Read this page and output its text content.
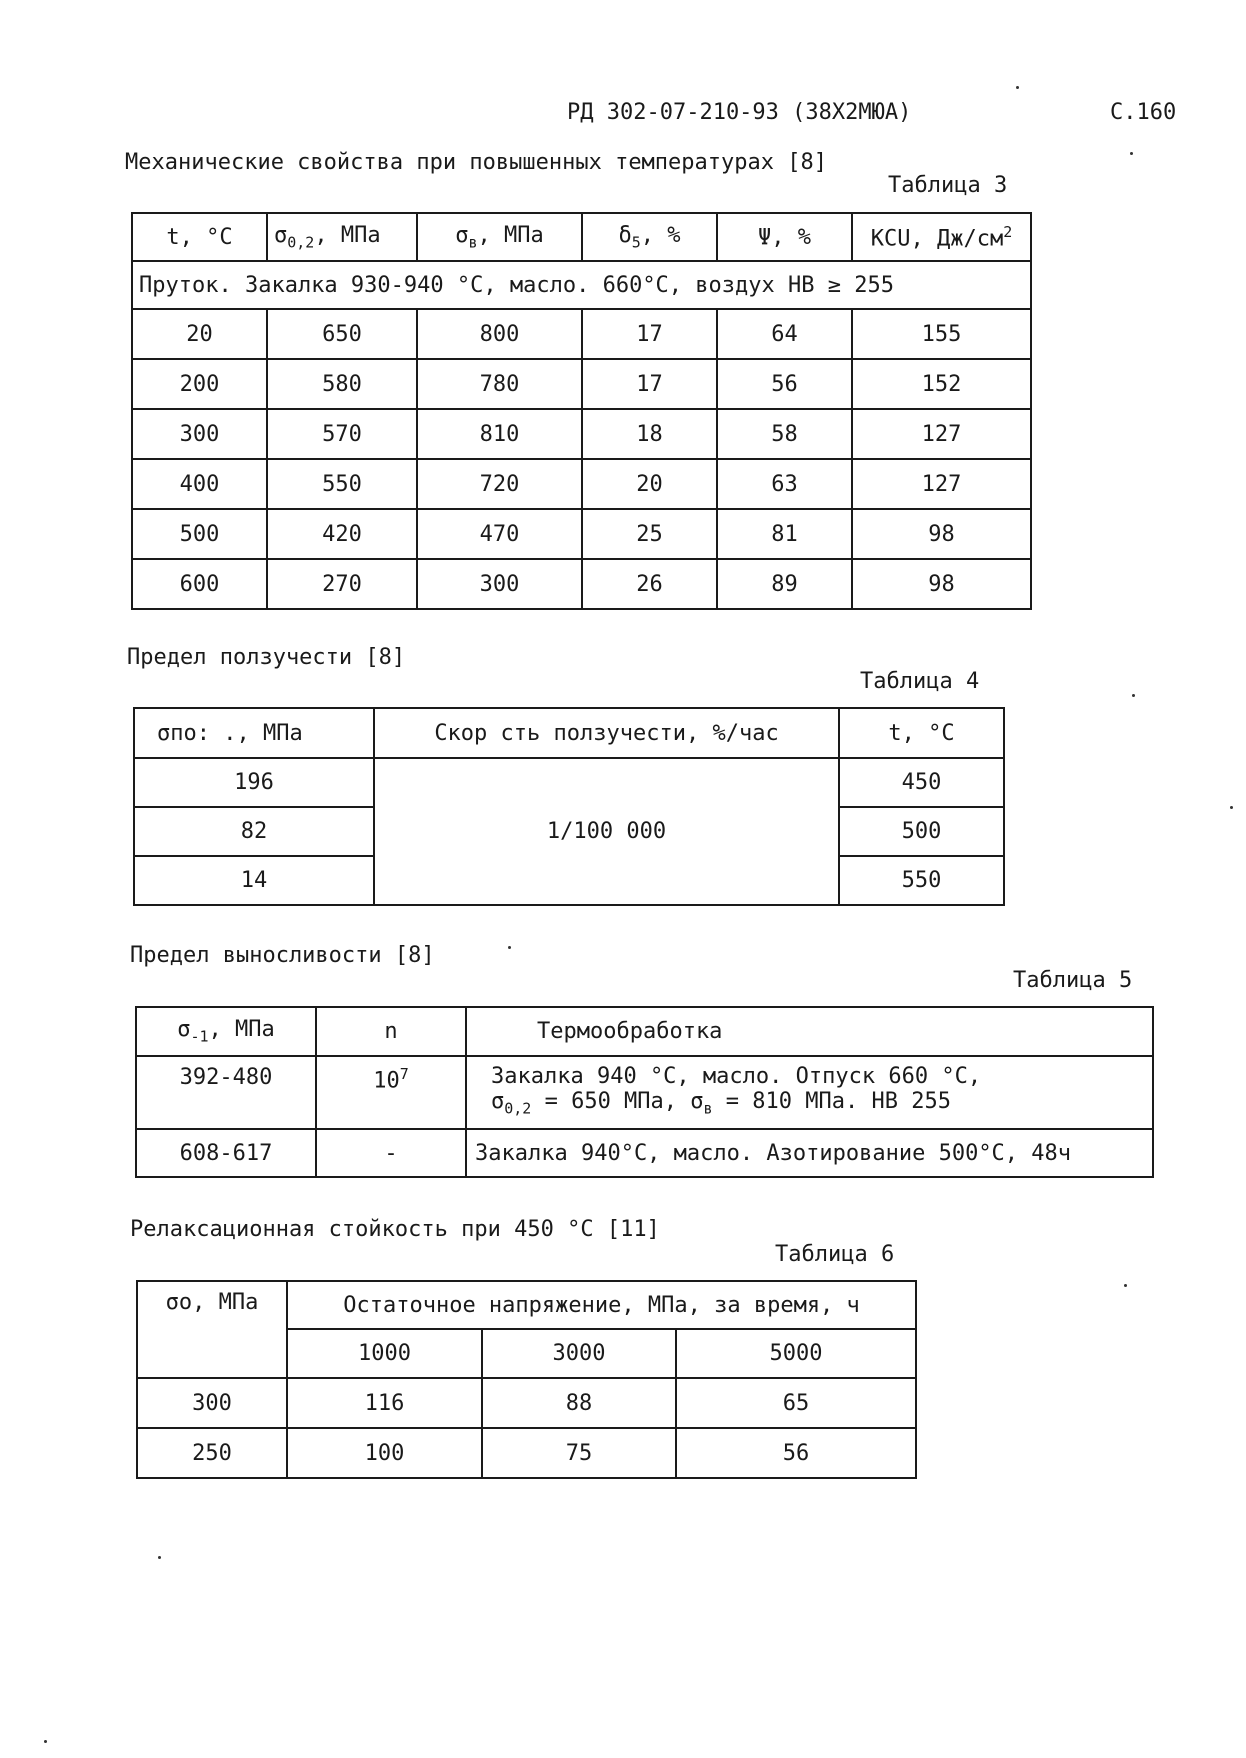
РД 302-07-210-93 (38Х2МЮА)	С.160
Механические свойства при повышенных температурах [8]
Таблица 3
t, °C	$\sigma_{0,2}$, МПа	$\sigma_в$, МПа	$\delta_5$, %	Ψ, %	KCU, $Дж/см^2$
Пруток. Закалка 930-940 °С, масло. 660°С, воздух НВ ≥ 255					
20	650	800	17	64	155
200	580	780	17	56	152
300	570	810	18	58	127
400	550	720	20	63	127
500	420	470	25	81	98
600	270	300	26	89	98
Предел ползучести [8]
Таблица 4
σпо: ., МПа	Скор сть ползучести, %/час	t, °C
196	1/100 000	450
82		500
14		550
Предел выносливости [8]
Таблица 5
$\sigma_{-1}$, МПа	n	Термообработка
392-480	$10^7$	Закалка 940 °С, масло. Отпуск 660 °С,
$\sigma_{0,2} = 650$ МПа, $\sigma_в = 810$ МПа. НВ 255

608-617	-	Закалка 940°С, масло. Азотирование 500°С, 48ч
Релаксационная стойкость при 450 °С [11]
Таблица 6
σо, МПа	Остаточное напряжение, МПа, за время, ч		
	1000	3000	5000
300	116	88	65
250	100	75	56
